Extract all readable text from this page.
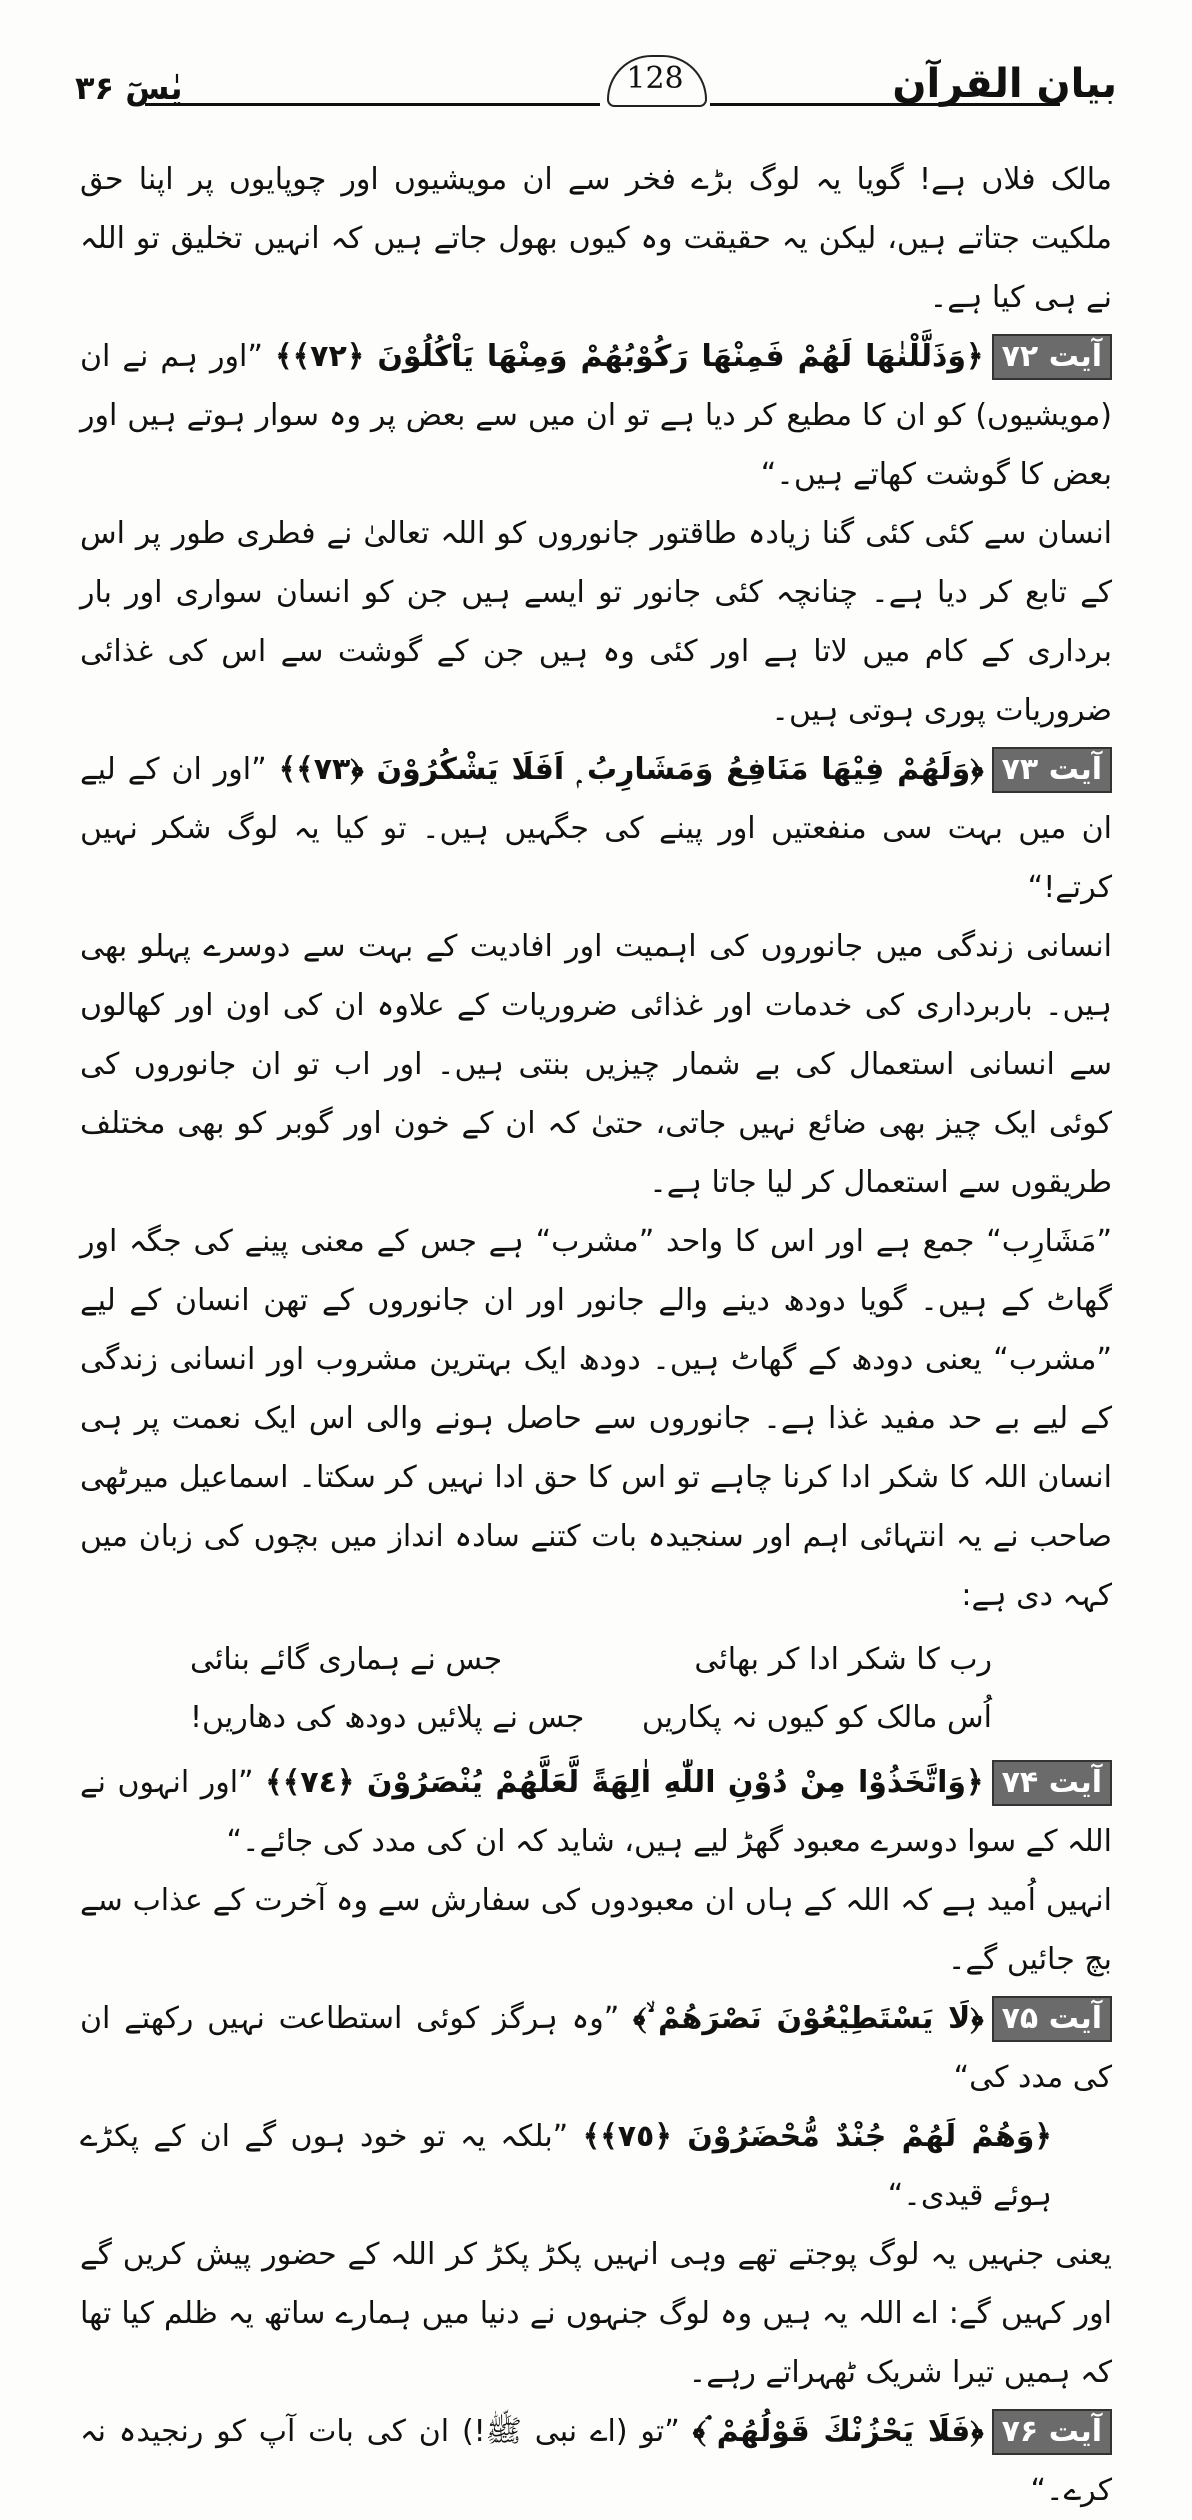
128	بیان القرآن
یٰسٓ ۳۶

مالک فلاں ہے! گویا یہ لوگ بڑے فخر سے ان مویشیوں اور چوپایوں پر اپنا حق ملکیت جتاتے ہیں، لیکن یہ حقیقت وہ کیوں بھول جاتے ہیں کہ انہیں تخلیق تو اللہ نے ہی کیا ہے۔

آیت ۷۲﴿وَذَلَّلْنٰهَا لَهُمْ فَمِنْهَا رَكُوْبُهُمْ وَمِنْهَا يَاْكُلُوْنَ ﴿٧٢﴾﴾ ”اور ہم نے ان (مویشیوں) کو ان کا مطیع کر دیا ہے تو ان میں سے بعض پر وہ سوار ہوتے ہیں اور بعض کا گوشت کھاتے ہیں۔“

انسان سے کئی کئی گنا زیادہ طاقتور جانوروں کو اللہ تعالیٰ نے فطری طور پر اس کے تابع کر دیا ہے۔ چنانچہ کئی جانور تو ایسے ہیں جن کو انسان سواری اور بار برداری کے کام میں لاتا ہے اور کئی وہ ہیں جن کے گوشت سے اس کی غذائی ضروریات پوری ہوتی ہیں۔

آیت ۷۳﴿وَلَهُمْ فِيْهَا مَنَافِعُ وَمَشَارِبُ ۭ اَفَلَا يَشْكُرُوْنَ ﴿٧٣﴾﴾ ”اور ان کے لیے ان میں بہت سی منفعتیں اور پینے کی جگہیں ہیں۔ تو کیا یہ لوگ شکر نہیں کرتے!“

انسانی زندگی میں جانوروں کی اہمیت اور افادیت کے بہت سے دوسرے پہلو بھی ہیں۔ باربرداری کی خدمات اور غذائی ضروریات کے علاوہ ان کی اون اور کھالوں سے انسانی استعمال کی بے شمار چیزیں بنتی ہیں۔ اور اب تو ان جانوروں کی کوئی ایک چیز بھی ضائع نہیں جاتی، حتیٰ کہ ان کے خون اور گوبر کو بھی مختلف طریقوں سے استعمال کر لیا جاتا ہے۔

”مَشَارِب“ جمع ہے اور اس کا واحد ”مشرب“ ہے جس کے معنی پینے کی جگہ اور گھاٹ کے ہیں۔ گویا دودھ دینے والے جانور اور ان جانوروں کے تھن انسان کے لیے ”مشرب“ یعنی دودھ کے گھاٹ ہیں۔ دودھ ایک بہترین مشروب اور انسانی زندگی کے لیے بے حد مفید غذا ہے۔ جانوروں سے حاصل ہونے والی اس ایک نعمت پر ہی انسان اللہ کا شکر ادا کرنا چاہے تو اس کا حق ادا نہیں کر سکتا۔ اسماعیل میرٹھی صاحب نے یہ انتہائی اہم اور سنجیدہ بات کتنے سادہ انداز میں بچوں کی زبان میں کہہ دی ہے:

رب کا شکر ادا کر بھائی
جس نے ہماری گائے بنائی
اُس مالک کو کیوں نہ پکاریں
جس نے پلائیں دودھ کی دھاریں!

آیت ۷۴﴿وَاتَّخَذُوْا مِنْ دُوْنِ اللّٰهِ اٰلِهَةً لَّعَلَّهُمْ يُنْصَرُوْنَ ﴿٧٤﴾﴾ ”اور انہوں نے اللہ کے سوا دوسرے معبود گھڑ لیے ہیں، شاید کہ ان کی مدد کی جائے۔“

انہیں اُمید ہے کہ اللہ کے ہاں ان معبودوں کی سفارش سے وہ آخرت کے عذاب سے بچ جائیں گے۔

آیت ۷۵﴿لَا يَسْتَطِيْعُوْنَ نَصْرَهُمْ ۙ﴾ ”وہ ہرگز کوئی استطاعت نہیں رکھتے ان کی مدد کی“

﴿وَهُمْ لَهُمْ جُنْدٌ مُّحْضَرُوْنَ ﴿٧٥﴾﴾ ”بلکہ یہ تو خود ہوں گے ان کے پکڑے ہوئے قیدی۔“

یعنی جنہیں یہ لوگ پوجتے تھے وہی انہیں پکڑ پکڑ کر اللہ کے حضور پیش کریں گے اور کہیں گے: اے اللہ یہ ہیں وہ لوگ جنہوں نے دنیا میں ہمارے ساتھ یہ ظلم کیا تھا کہ ہمیں تیرا شریک ٹھہراتے رہے۔

آیت ۷۶﴿فَلَا يَحْزُنْكَ قَوْلُهُمْ ۘ﴾ ”تو (اے نبی ﷺ!) ان کی بات آپ کو رنجیدہ نہ کرے۔“
